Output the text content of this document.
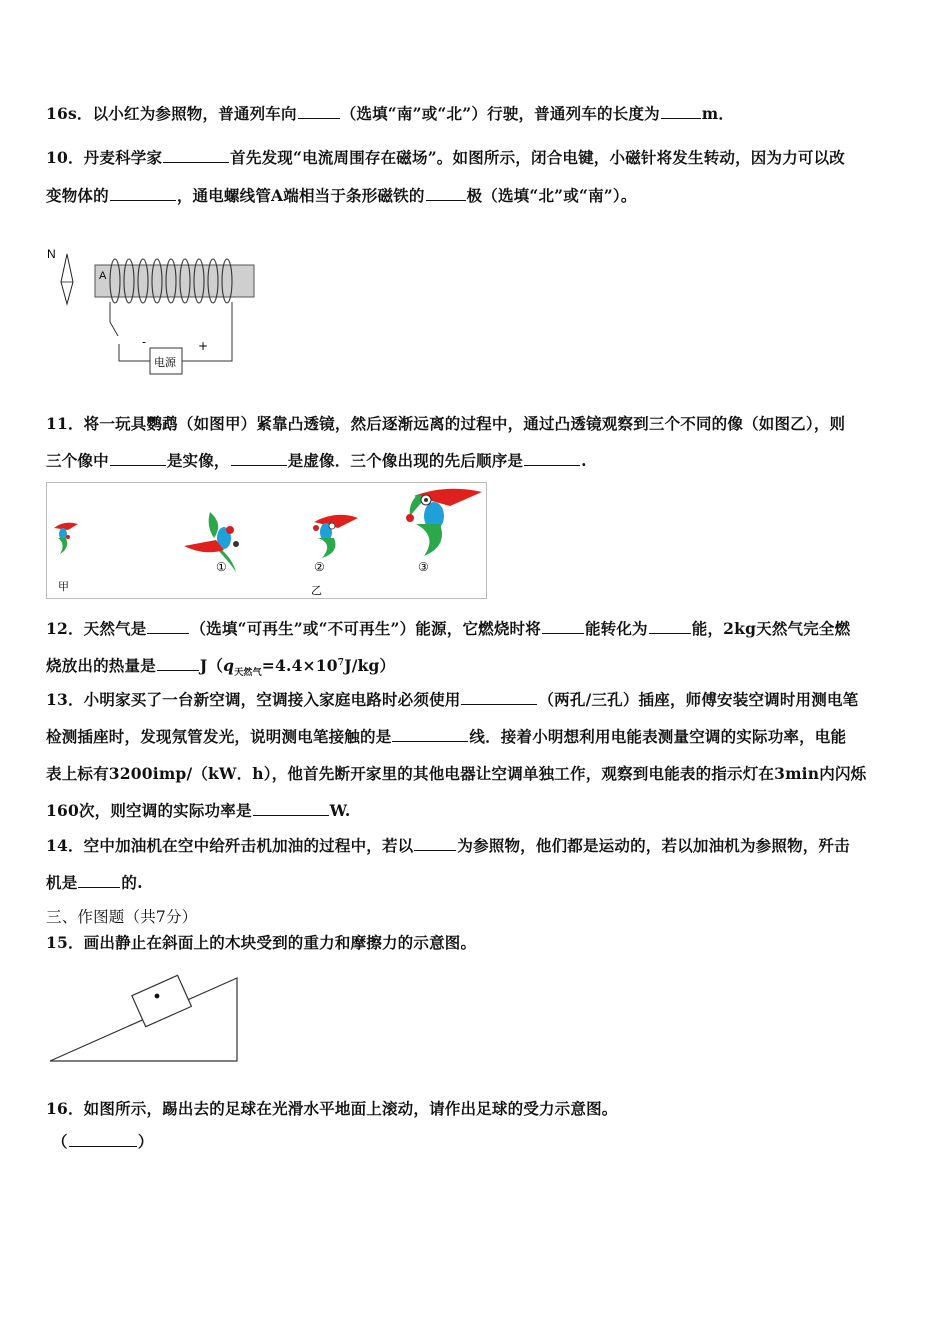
16s．以小红为参照物，普通列车向	（选填“南”或“北”）行驶，普通列车的长度为	m．
10．丹麦科学家	首先发现“电流周围存在磁场”。如图所示，闭合电键，小磁针将发生转动，因为力可以改
变物体的	，通电螺线管A端相当于条形磁铁的	极（选填“北”或“南”）。
N
A
电源
-	+
11．将一玩具鹦鹉（如图甲）紧靠凸透镜，然后逐渐远离的过程中，通过凸透镜观察到三个不同的像（如图乙），则
三个像中	是实像，	是虚像．三个像出现的先后顺序是	.
甲
①	②
乙
③
12．天然气是	（选填“可再生”或“不可再生”）能源，它燃烧时将	能转化为	能，2kg天然气完全燃
烧放出的热量是	$J(q_{天然气}=4.4\times 10^7J/kg)$
13．小明家买了一台新空调，空调接入家庭电路时必须使用	（两孔/三孔）插座，师傅安装空调时用测电笔
检测插座时，发现氖管发光，说明测电笔接触的是	线．接着小明想利用电能表测量空调的实际功率，电能
表上标有3200imp/（kW．h），他首先断开家里的其他电器让空调单独工作，观察到电能表的指示灯在3min内闪烁
160次，则空调的实际功率是	W.
14．空中加油机在空中给歼击机加油的过程中，若以	为参照物，他们都是运动的，若以加油机为参照物，歼击
机是	的.
三、作图题（共7分）
15．画出静止在斜面上的木块受到的重力和摩擦力的示意图。
16．如图所示，踢出去的足球在光滑水平地面上滚动，请作出足球的受力示意图。
（	）
